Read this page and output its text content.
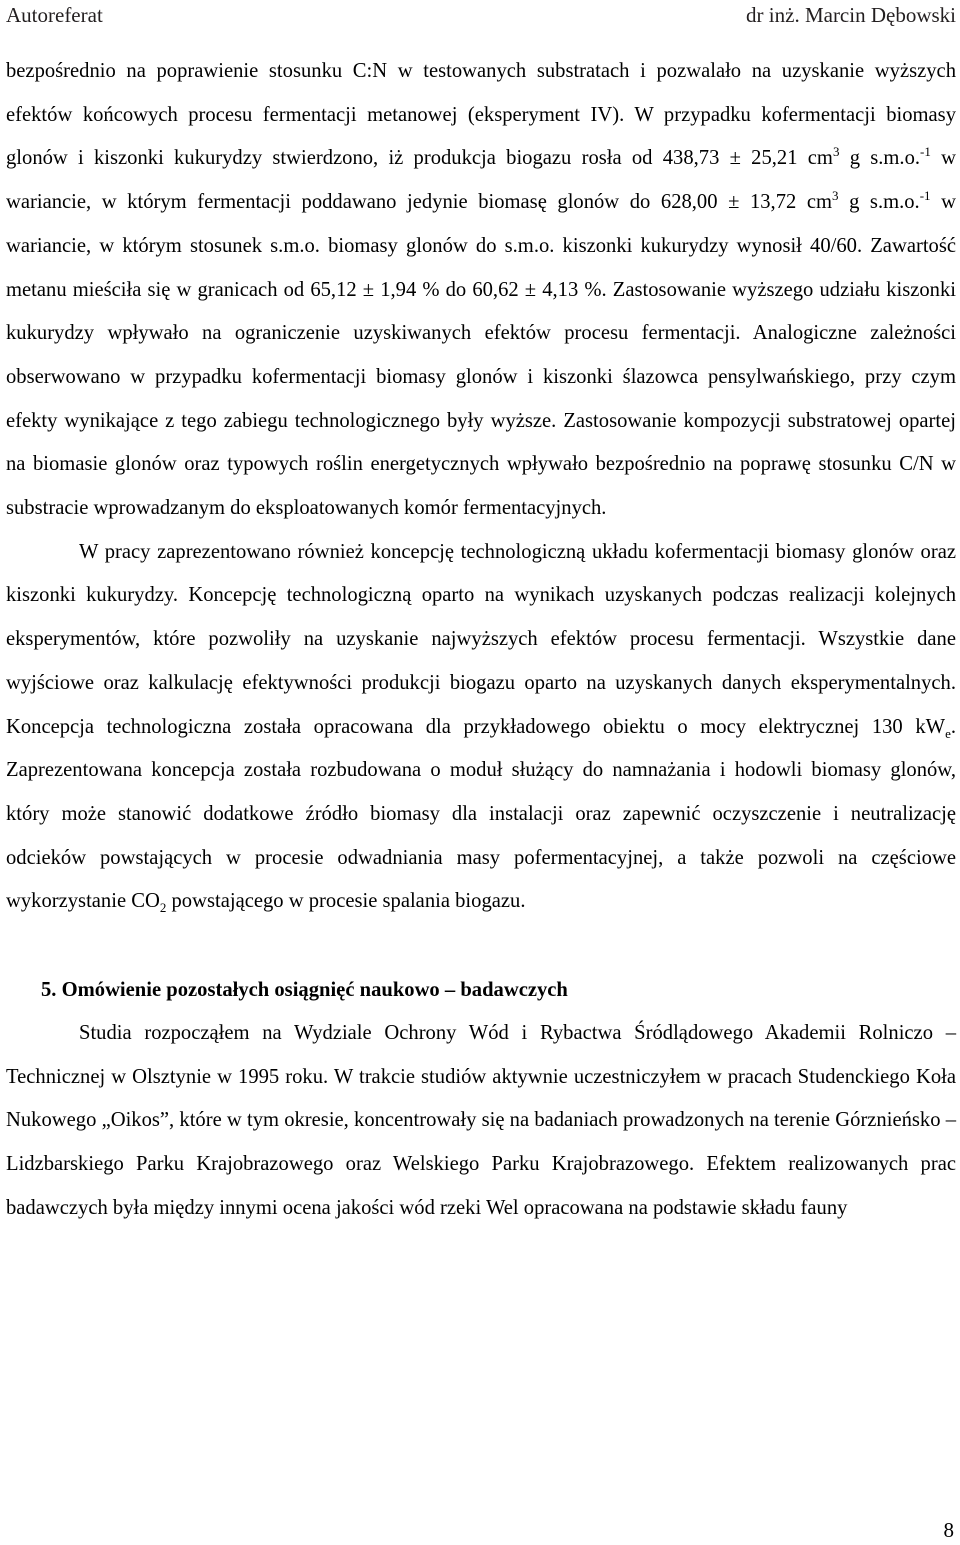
Autoreferat	dr inż. Marcin Dębowski

bezpośrednio na poprawienie stosunku C:N w testowanych substratach i pozwalało na uzyskanie wyższych efektów końcowych procesu fermentacji metanowej (eksperyment IV). W przypadku kofermentacji biomasy glonów i kiszonki kukurydzy stwierdzono, iż produkcja biogazu rosła od 438,73 ± 25,21 $cm^3$ g s.m.o.$^{-1}$ w wariancie, w którym fermentacji poddawano jedynie biomasę glonów do 628,00 ± 13,72 $cm^3$ g s.m.o.$^{-1}$ w wariancie, w którym stosunek s.m.o. biomasy glonów do s.m.o. kiszonki kukurydzy wynosił 40/60. Zawartość metanu mieściła się w granicach od 65,12 ± 1,94 % do 60,62 ± 4,13 %. Zastosowanie wyższego udziału kiszonki kukurydzy wpływało na ograniczenie uzyskiwanych efektów procesu fermentacji. Analogiczne zależności obserwowano w przypadku kofermentacji biomasy glonów i kiszonki ślazowca pensylwańskiego, przy czym efekty wynikające z tego zabiegu technologicznego były wyższe. Zastosowanie kompozycji substratowej opartej na biomasie glonów oraz typowych roślin energetycznych wpływało bezpośrednio na poprawę stosunku C/N w substracie wprowadzanym do eksploatowanych komór fermentacyjnych.

W pracy zaprezentowano również koncepcję technologiczną układu kofermentacji biomasy glonów oraz kiszonki kukurydzy. Koncepcję technologiczną oparto na wynikach uzyskanych podczas realizacji kolejnych eksperymentów, które pozwoliły na uzyskanie najwyższych efektów procesu fermentacji. Wszystkie dane wyjściowe oraz kalkulację efektywności produkcji biogazu oparto na uzyskanych danych eksperymentalnych. Koncepcja technologiczna została opracowana dla przykładowego obiektu o mocy elektrycznej 130 $kW_e$. Zaprezentowana koncepcja została rozbudowana o moduł służący do namnażania i hodowli biomasy glonów, który może stanowić dodatkowe źródło biomasy dla instalacji oraz zapewnić oczyszczenie i neutralizację odcieków powstających w procesie odwadniania masy pofermentacyjnej, a także pozwoli na częściowe wykorzystanie $CO_2$ powstającego w procesie spalania biogazu.

5. Omówienie pozostałych osiągnięć naukowo – badawczych

Studia rozpocząłem na Wydziale Ochrony Wód i Rybactwa Śródlądowego Akademii Rolniczo –Technicznej w Olsztynie w 1995 roku. W trakcie studiów aktywnie uczestniczyłem w pracach Studenckiego Koła Nukowego „Oikos”, które w tym okresie, koncentrowały się na badaniach prowadzonych na terenie Górznieńsko – Lidzbarskiego Parku Krajobrazowego oraz Welskiego Parku Krajobrazowego. Efektem realizowanych prac badawczych była między innymi ocena jakości wód rzeki Wel opracowana na podstawie składu fauny

8
